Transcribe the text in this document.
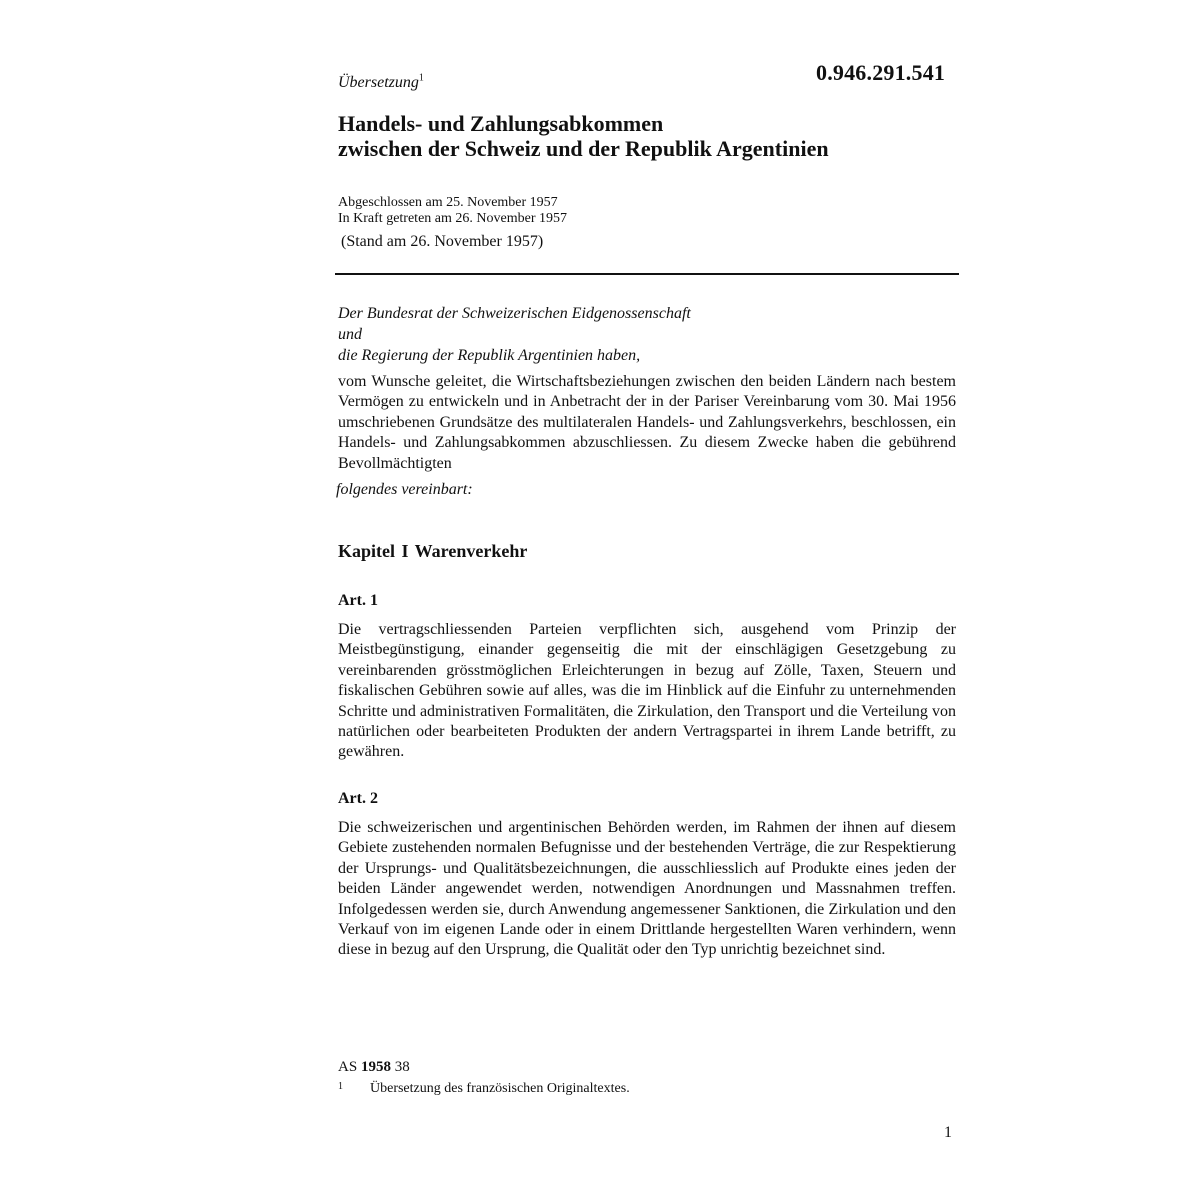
0.946.291.541
Übersetzung$^1$
Handels- und Zahlungsabkommen
zwischen der Schweiz und der Republik Argentinien
Abgeschlossen am 25. November 1957
In Kraft getreten am 26. November 1957
(Stand am 26. November 1957)
Der Bundesrat der Schweizerischen Eidgenossenschaft
und
die Regierung der Republik Argentinien haben,
vom Wunsche geleitet, die Wirtschaftsbeziehungen zwischen den beiden Ländern nach bestem Vermögen zu entwickeln und in Anbetracht der in der Pariser Vereinbarung vom 30. Mai 1956 umschriebenen Grundsätze des multilateralen Handels- und Zahlungsverkehrs, beschlossen, ein Handels- und Zahlungsabkommen abzuschliessen. Zu diesem Zwecke haben die gebührend Bevollmächtigten
folgendes vereinbart:
Kapitel I Warenverkehr
Art. 1
Die vertragschliessenden Parteien verpflichten sich, ausgehend vom Prinzip der Meistbegünstigung, einander gegenseitig die mit der einschlägigen Gesetzgebung zu vereinbarenden grösstmöglichen Erleichterungen in bezug auf Zölle, Taxen, Steuern und fiskalischen Gebühren sowie auf alles, was die im Hinblick auf die Einfuhr zu unternehmenden Schritte und administrativen Formalitäten, die Zirkulation, den Transport und die Verteilung von natürlichen oder bearbeiteten Produkten der andern Vertragspartei in ihrem Lande betrifft, zu gewähren.
Art. 2
Die schweizerischen und argentinischen Behörden werden, im Rahmen der ihnen auf diesem Gebiete zustehenden normalen Befugnisse und der bestehenden Verträge, die zur Respektierung der Ursprungs- und Qualitätsbezeichnungen, die ausschliesslich auf Produkte eines jeden der beiden Länder angewendet werden, notwendigen Anordnungen und Massnahmen treffen. Infolgedessen werden sie, durch Anwendung angemessener Sanktionen, die Zirkulation und den Verkauf von im eigenen Lande oder in einem Drittlande hergestellten Waren verhindern, wenn diese in bezug auf den Ursprung, die Qualität oder den Typ unrichtig bezeichnet sind.
AS 1958 38
1 Übersetzung des französischen Originaltextes.
1
